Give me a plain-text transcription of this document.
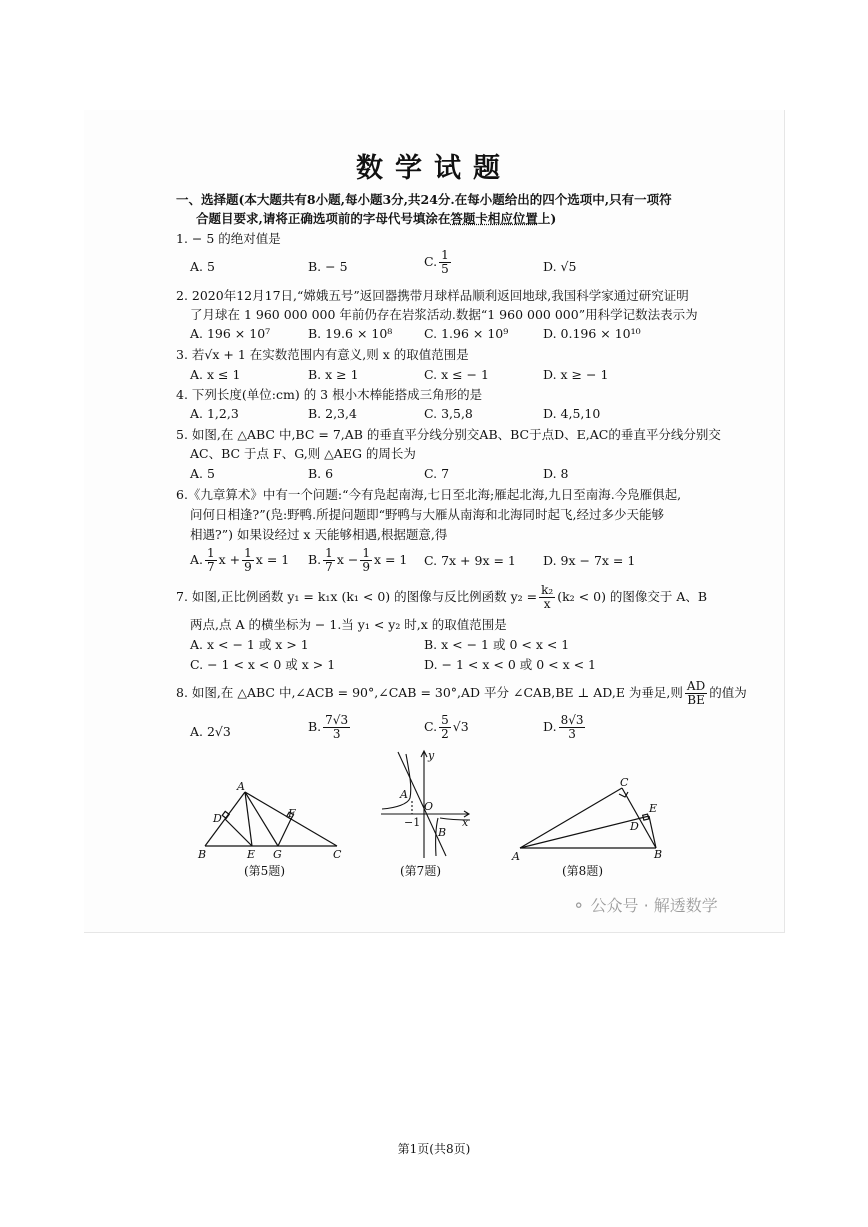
数学试题
一、选择题(本大题共有8小题,每小题3分,共24分.在每小题给出的四个选项中,只有一项符
合题目要求,请将正确选项前的字母代号填涂在答题卡相应位置上)
1. − 5 的绝对值是
A. 5	B. − 5	C. $\frac{1}{5}$	D. √5
2. 2020年12月17日,“嫦娥五号”返回器携带月球样品顺利返回地球,我国科学家通过研究证明
了月球在 1 960 000 000 年前仍存在岩浆活动.数据“1 960 000 000”用科学记数法表示为
A. 196 × 10⁷	B. 19.6 × 10⁸	C. 1.96 × 10⁹	D. 0.196 × 10¹⁰
3. 若√x + 1 在实数范围内有意义,则 x 的取值范围是
A. x ≤ 1	B. x ≥ 1	C. x ≤ − 1	D. x ≥ − 1
4. 下列长度(单位:cm) 的 3 根小木棒能搭成三角形的是
A. 1,2,3	B. 2,3,4	C. 3,5,8	D. 4,5,10
5. 如图,在 △ABC 中,BC = 7,AB 的垂直平分线分别交AB、BC于点D、E,AC的垂直平分线分别交
AC、BC 于点 F、G,则 △AEG 的周长为
A. 5	B. 6	C. 7	D. 8
6.《九章算术》中有一个问题:“今有凫起南海,七日至北海;雁起北海,九日至南海.今凫雁俱起,
问何日相逢?”(凫:野鸭.所提问题即“野鸭与大雁从南海和北海同时起飞,经过多少天能够
相遇?”) 如果设经过 x 天能够相遇,根据题意,得
A. $\frac{1}{7}$ $x + \frac{1}{9}$ x = 1 B. $\frac{1}{7}$ $x - \frac{1}{9}$ x = 1 C. 7x + 9x = 1 D. 9x − 7x = 1
7. 如图,正比例函数 y₁ = k₁x (k₁ < 0) 的图像与反比例函数 $y_2 = \frac{\text{k₂}}{x} (k_2 < 0)$ 的图像交于 A、B
两点,点 A 的横坐标为 − 1.当 y₁ < y₂ 时,x 的取值范围是
A. x < − 1 或 x > 1	B. x < − 1 或 0 < x < 1
C. − 1 < x < 0 或 x > 1	D. − 1 < x < 0 或 0 < x < 1
8. 如图,在 △ABC 中,∠ACB = 90°,∠CAB = 30°,AD 平分 ∠CAB,BE ⊥ AD,E 为垂足,则 $\frac{AD}{BE}$ 的值为
A. 2√3	B. $\frac{7√3}{3}$	C. $\frac{5}{2} √3$	D. $\frac{8√3}{3}$
A
B	C
D
E
F
G
(第5题)
y
x
A
O
−1
B
(第7题)
C
E
D
A	B
(第8题)
⚬ 公众号 · 解透数学
第1页(共8页)
